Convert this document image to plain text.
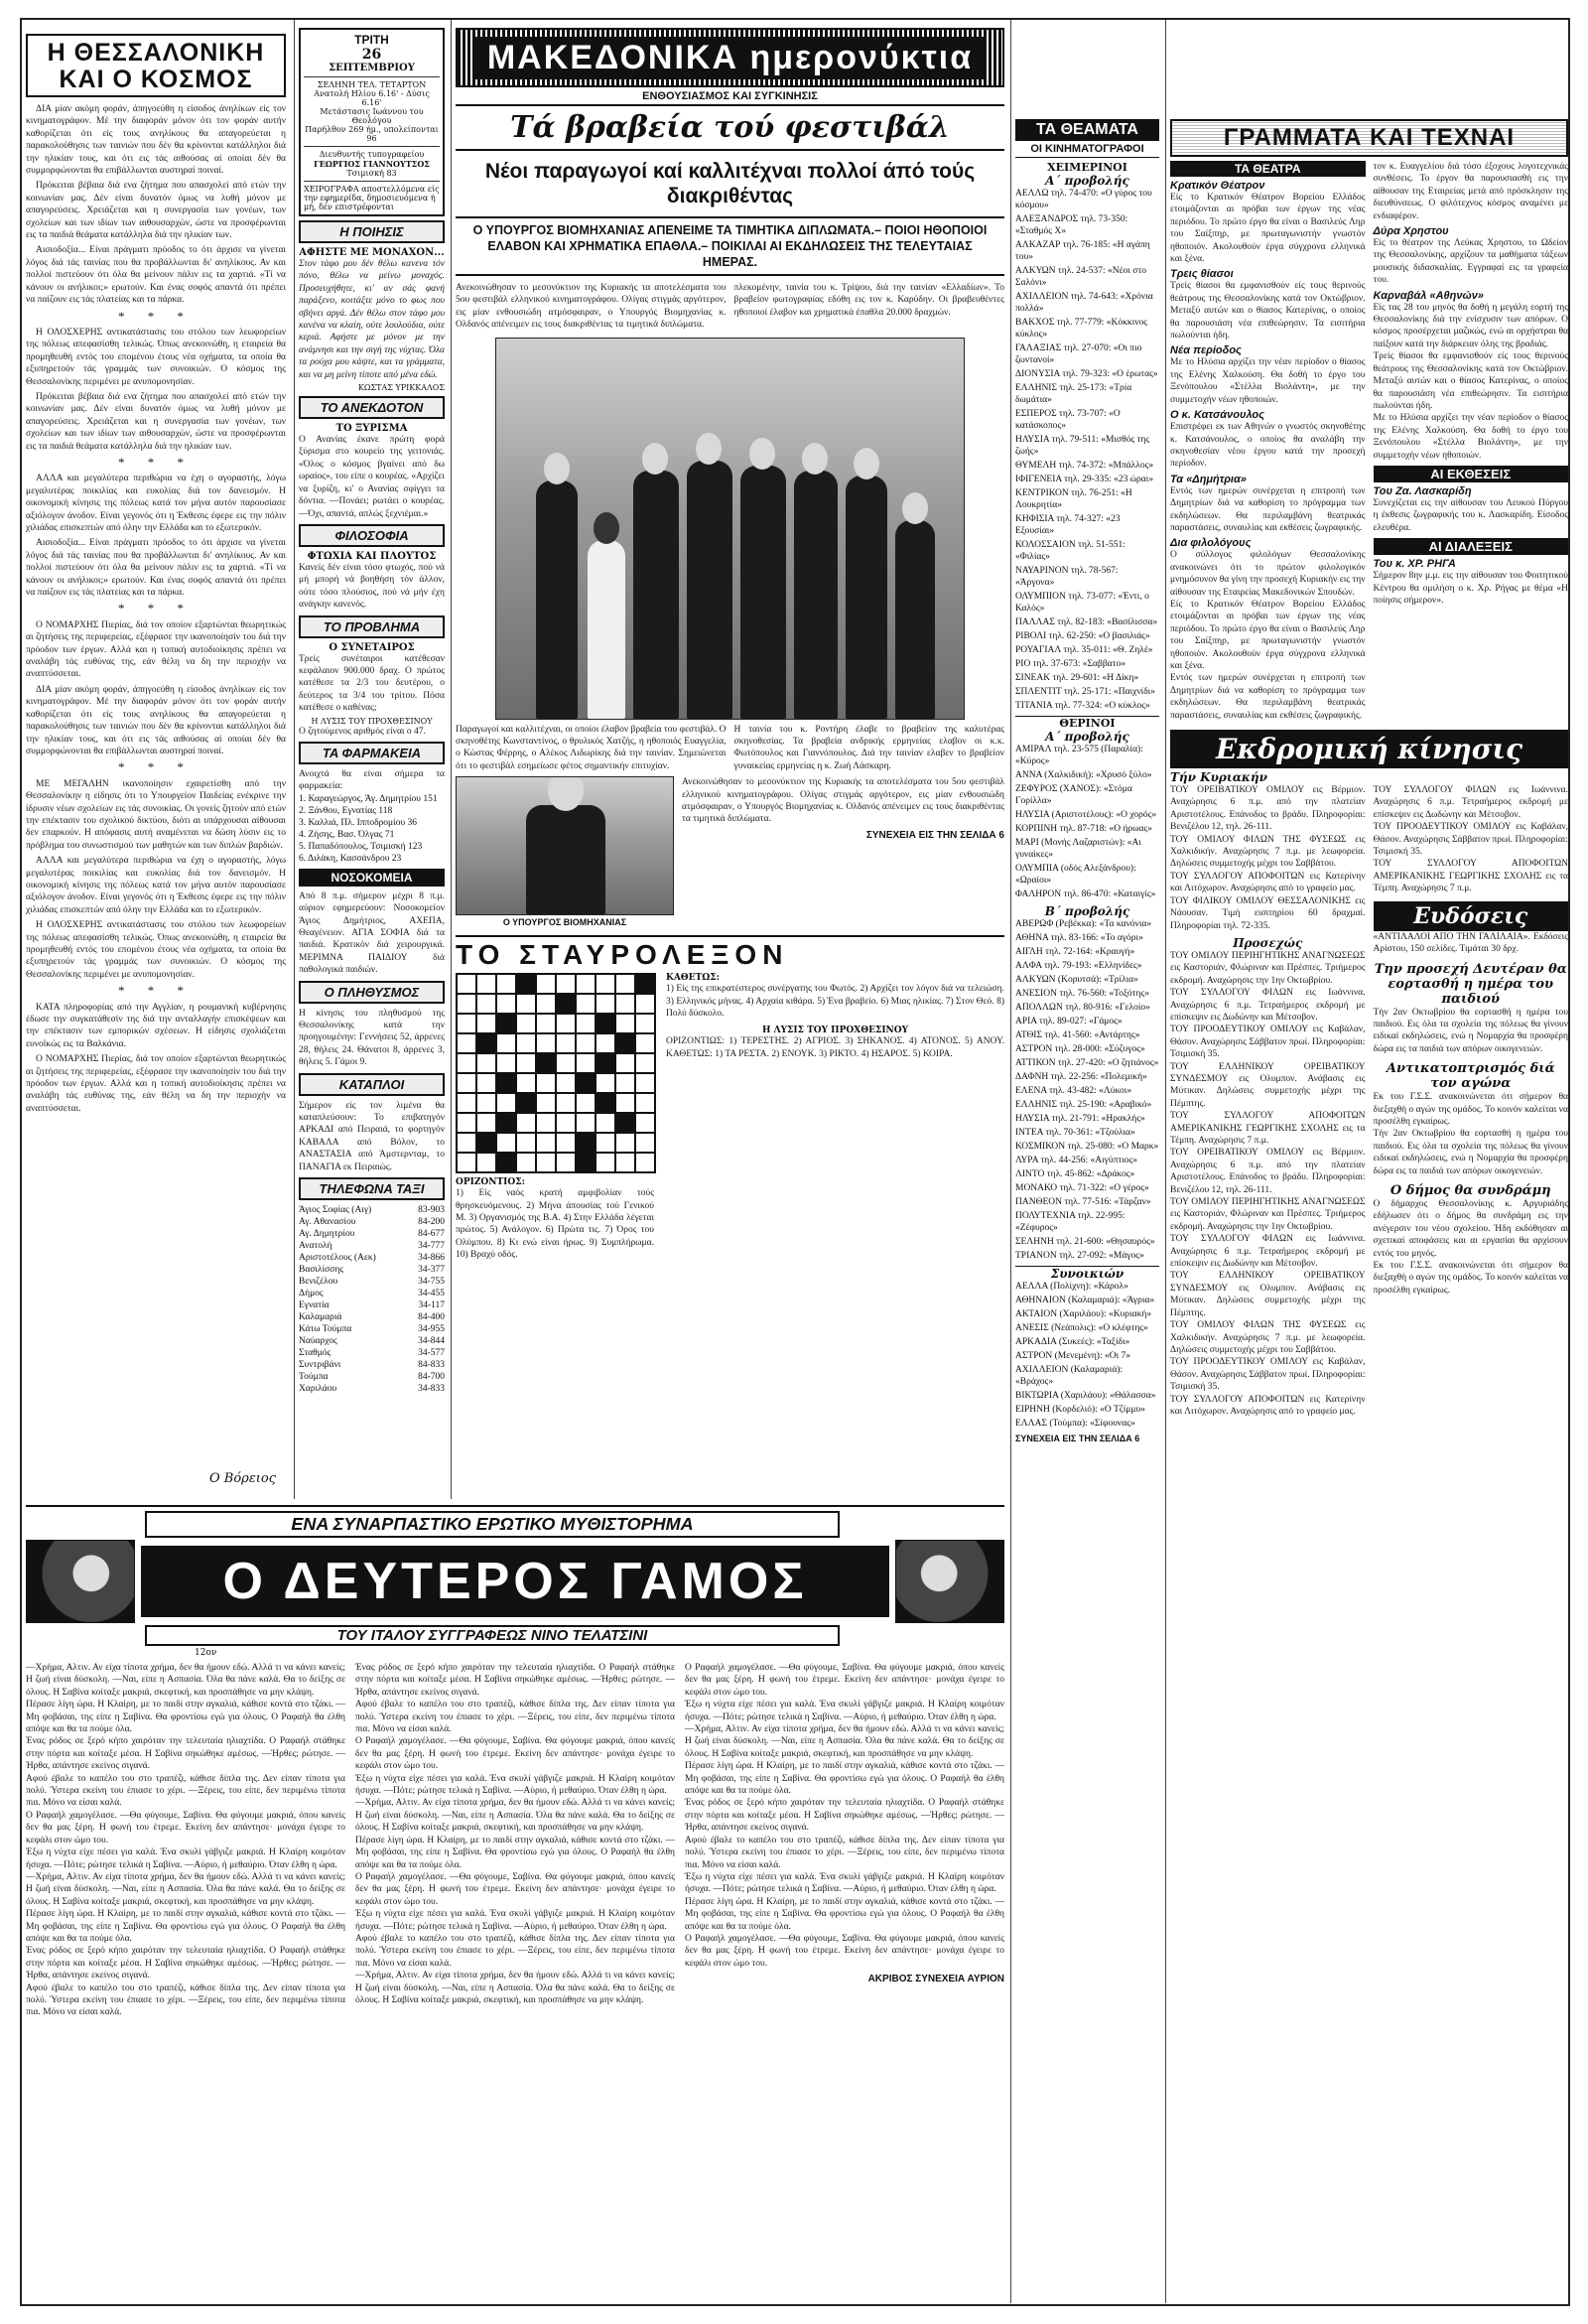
Η ΘΕΣΣΑΛΟΝΙΚΗ ΚΑΙ Ο ΚΟΣΜΟΣ

ΔΙΑ μίαν ακόμη φοράν, άπηγοεύθη η είσοδος άνηλίκων είς τον κινηματογράφον. Μέ την διαφοράν μόνον ότι τον φοράν αυτήν καθορίζεται ότι είς τους ανηλίκους θα απαγορεύεται η παρακολούθησις των ταινιών που δέν θα κρίνονται κατάλληλοι διά την ηλικίαν τους, και ότι εις τάς αιθούσας αί οποίαι δέν θα συμμορφώνονται θα επιβάλλωνται αυστηραί ποιναί.

Πρόκειται βέβαια διά ενα ζήτημα που απασχολεί από ετών την κοινωνίαν μας. Δέν είναι δυνατόν όμως να λυθή μόνον με απαγορεύσεις. Χρειάζεται και η συνεργασία των γονέων, των σχολείων και των ιδίων των αιθουσαρχών, ώστε να προσφέρωνται εις τα παιδιά θεάματα κατάλληλα διά την ηλικίαν των.

Αισιοδοξία... Είναι πράγματι πρόοδος το ότι άρχισε να γίνεται λόγος διά τάς ταινίας που θα προβάλλωνται δι' ανηλίκους. Αν και πολλοί πιστεύουν ότι όλα θα μείνουν πάλιν εις τα χαρτιά. «Τί να κάνουν οι ανήλικοι;» ερωτούν. Και ένας σοφός απαντά ότι πρέπει να παίζουν εις τάς πλατείας και τα πάρκα.

* * *

Η ΟΛΟΣΧΕΡΗΣ αντικατάστασις του στόλου των λεωφορείων της πόλεως απεφασίσθη τελικώς. Όπως ανεκοινώθη, η εταιρεία θα προμηθευθή εντός του επομένου έτους νέα οχήματα, τα οποία θα εξυπηρετούν τάς γραμμάς των συνοικιών. Ο κόσμος της Θεσσαλονίκης περιμένει με ανυπομονησίαν.

Πρόκειται βέβαια διά ενα ζήτημα που απασχολεί από ετών την κοινωνίαν μας. Δέν είναι δυνατόν όμως να λυθή μόνον με απαγορεύσεις. Χρειάζεται και η συνεργασία των γονέων, των σχολείων και των ιδίων των αιθουσαρχών, ώστε να προσφέρωνται εις τα παιδιά θεάματα κατάλληλα διά την ηλικίαν των.

* * *

ΑΛΛΑ και μεγαλύτερα περιθώρια να έχη ο αγοραστής, λόγω μεγαλυτέρας ποικιλίας και ευκολίας διά τον δανεισμόν. Η οικονομική κίνησις της πόλεως κατά τον μήνα αυτόν παρουσίασε αξιόλογον άνοδον. Είναι γεγονός ότι η Έκθεσις έφερε εις την πόλιν χιλιάδας επισκεπτών από όλην την Ελλάδα και το εξωτερικόν.

Αισιοδοξία... Είναι πράγματι πρόοδος το ότι άρχισε να γίνεται λόγος διά τάς ταινίας που θα προβάλλωνται δι' ανηλίκους. Αν και πολλοί πιστεύουν ότι όλα θα μείνουν πάλιν εις τα χαρτιά. «Τί να κάνουν οι ανήλικοι;» ερωτούν. Και ένας σοφός απαντά ότι πρέπει να παίζουν εις τάς πλατείας και τα πάρκα.

* * *

Ο ΝΟΜΑΡΧΗΣ Πιερίας, διά τον οποίον εξαρτώνται θεωρητικώς αι ζητήσεις της περιφερείας, εξέφρασε την ικανοποίησίν του διά την πρόοδον των έργων. Αλλά και η τοπική αυτοδιοίκησις πρέπει να αναλάβη τάς ευθύνας της, εάν θέλη να δη την περιοχήν να αναπτύσσεται.

ΔΙΑ μίαν ακόμη φοράν, άπηγοεύθη η είσοδος άνηλίκων είς τον κινηματογράφον. Μέ την διαφοράν μόνον ότι τον φοράν αυτήν καθορίζεται ότι είς τους ανηλίκους θα απαγορεύεται η παρακολούθησις των ταινιών που δέν θα κρίνονται κατάλληλοι διά την ηλικίαν τους, και ότι εις τάς αιθούσας αί οποίαι δέν θα συμμορφώνονται θα επιβάλλωνται αυστηραί ποιναί.

* * *

ΜΕ ΜΕΓΑΛΗΝ ικανοποίησιν εχαιρετίσθη από την Θεσσαλονίκην η είδησις ότι το Υπουργείον Παιδείας ενέκρινε την ίδρυσιν νέων σχολείων εις τάς συνοικίας. Οι γονείς ζητούν από ετών την επέκτασιν του σχολικού δικτύου, διότι αι υπάρχουσαι αίθουσαι δεν επαρκούν. Η απόφασις αυτή αναμένεται να δώση λύσιν εις το πρόβλημα του συνωστισμού των μαθητών και των διπλών βαρδιών.

ΑΛΛΑ και μεγαλύτερα περιθώρια να έχη ο αγοραστής, λόγω μεγαλυτέρας ποικιλίας και ευκολίας διά τον δανεισμόν. Η οικονομική κίνησις της πόλεως κατά τον μήνα αυτόν παρουσίασε αξιόλογον άνοδον. Είναι γεγονός ότι η Έκθεσις έφερε εις την πόλιν χιλιάδας επισκεπτών από όλην την Ελλάδα και το εξωτερικόν.

Η ΟΛΟΣΧΕΡΗΣ αντικατάστασις του στόλου των λεωφορείων της πόλεως απεφασίσθη τελικώς. Όπως ανεκοινώθη, η εταιρεία θα προμηθευθή εντός του επομένου έτους νέα οχήματα, τα οποία θα εξυπηρετούν τάς γραμμάς των συνοικιών. Ο κόσμος της Θεσσαλονίκης περιμένει με ανυπομονησίαν.

* * *

ΚΑΤΑ πληροφορίας από την Αγγλίαν, η ρουμανική κυβέρνησις έδωσε την συγκατάθεσίν της διά την ανταλλαγήν επισκέψεων και την επέκτασιν των εμπορικών σχέσεων. Η είδησις σχολιάζεται ευνοϊκώς εις τα Βαλκάνια.

Ο ΝΟΜΑΡΧΗΣ Πιερίας, διά τον οποίον εξαρτώνται θεωρητικώς αι ζητήσεις της περιφερείας, εξέφρασε την ικανοποίησίν του διά την πρόοδον των έργων. Αλλά και η τοπική αυτοδιοίκησις πρέπει να αναλάβη τάς ευθύνας της, εάν θέλη να δη την περιοχήν να αναπτύσσεται.

Ο Βόρειος
ΤΡΙΤΗ
26
ΣΕΠΤΕΜΒΡΙΟΥ
ΣΕΛΗΝΗ ΤΕΛ. ΤΕΤΑΡΤΟΝ
Ανατολή Ηλίου 6.16' - Δύσις 6.16'
Μετάστασις Ιωάννου του Θεολόγου
Παρήλθον 269 ήμ., υπολείπονται 96
Διευθυντής τυπογραφείου
ΓΕΩΡΓΙΟΣ ΓΙΑΝΝΟΥΤΣΟΣ
Τσιμισκή 83
ΧΕΙΡΟΓΡΑΦΑ αποστελλόμενα είς την εφημερίδα, δημοσιευόμενα ή μή, δέν επιστρέφονται
Η ΠΟΙΗΣΙΣ
ΑΦΗΣΤΕ ΜΕ ΜΟΝΑΧΟΝ...
Στον τάφο μου δέν θέλω κανενα τόν πόνο, θέλω να μείνω μοναχός. Προσευχήθητε, κι' αν σάς φανή παράξενο, κοιτάξτε μόνο το φως που σβήνει αργά. Δέν θέλω στον τάφο μου κανένα να κλαίη, ούτε λουλούδια, ούτε κεριά. Αφήστε με μόνον με την ανάμνησι και την σιγή της νύχτας. Όλα τα ρούχα μου κάψτε, και τα γράμματα, και να μη μείνη τίποτε από μένα εδώ.
ΚΩΣΤΑΣ ΥΡΙΚΚΑΛΟΣ
ΤΟ ΑΝΕΚΔΟΤΟΝ
ΤΟ ΞΥΡΙΣΜΑ
Ο Ανανίας έκανε πρώτη φορά ξύρισμα στο κουρείο της γειτονιάς. «Όλος ο κόσμος βγαίνει από δω ωραίος», του είπε ο κουρέας. «Αρχίζει να ξυρίζη, κι' ο Ανανίας σφίγγει τα δόντια. —Πονάει; ρωτάει ο κουρέας. —Όχι, απαντά, απλώς ξεχνιέμαι.»
ΦΙΛΟΣΟΦΙΑ
ΦΤΩΧΙΑ ΚΑΙ ΠΛΟΥΤΟΣ
Κανείς δέν είναι τόσο φτωχός, πού νά μή μπορή νά βοηθήση τόν άλλον, ούτε τόσο πλούσιος, πού νά μήν έχη ανάγκην κανενός.
ΤΟ ΠΡΟΒΛΗΜΑ
Ο ΣΥΝΕΤΑΙΡΟΣ
Τρείς συνέταιροι κατέθεσαν κεφάλαιον 900.000 δραχ. Ο πρώτος κατέθεσε τα 2/3 του δευτέρου, ο δεύτερος τα 3/4 του τρίτου. Πόσα κατέθεσε ο καθένας;
Η ΛΥΣΙΣ ΤΟΥ ΠΡΟΧΘΕΣΙΝΟΥ
Ο ζητούμενος αριθμός είναι ο 47.
ΤΑ ΦΑΡΜΑΚΕΙΑ
Ανοιχτά θα είναι σήμερα τα φαρμακεία:
1. Καραγεώργος, Άγ. Δημητρίου 151
2. Ξάνθου, Εγνατίας 118
3. Καλλιά, Πλ. Ιπποδρομίου 36
4. Ζήσης, Βασ. Όλγας 71
5. Παπαδόπουλος, Τσιμισκή 123
6. Διλάκη, Κασσάνδρου 23
ΝΟΣΟΚΟΜΕΙΑ
Από 8 π.μ. σήμερον μέχρι 8 π.μ. αύριον εφημερεύουν: Νοσοκομείον Άγιος Δημήτριος, ΑΧΕΠΑ, Θεαγένειον. ΑΓΙΑ ΣΟΦΙΑ διά τα παιδιά. Κρατικόν διά χειρουργικά. ΜΕΡΙΜΝΑ ΠΑΙΔΙΟΥ διά παθολογικά παιδιών.
Ο ΠΛΗΘΥΣΜΟΣ
Η κίνησις του πληθυσμού της Θεσσαλονίκης κατά την προηγουμένην: Γεννήσεις 52, άρρενες 28, θήλεις 24. Θάνατοι 8, άρρενες 3, θήλεις 5. Γάμοι 9.
ΚΑΤΑΠΛΟΙ
Σήμερον είς τον λιμένα θα καταπλεύσουν: Το επιβατηγόν ΑΡΚΑΔΙ από Πειραιά, το φορτηγόν ΚΑΒΑΛΑ από Βόλον, το ΑΝΑΣΤΑΣΙΑ από Άμστερνταμ, το ΠΑΝΑΓΙΑ εκ Πειραιώς.
ΤΗΛΕΦΩΝΑ ΤΑΞΙ
Άγιος Σοφίας (Αιγ)	83-903
Αγ. Αθανασίου	84-200
Αγ. Δημητρίου	84-677
Ανατολή	34-777
Αριστοτέλους (Αεκ)	34-866
Βασιλίσσης	34-377
Βενιζέλου	34-755
Δήμος	34-455
Εγνατία	34-117
Καλαμαριά	84-400
Κάτω Τούμπα	34-955
Ναύαρχος	34-844
Σταθμός	34-577
Συντριβάνι	84-833
Τούμπα	84-700
Χαριλάου	34-833
ΜΑΚΕΔΟΝΙΚΑ ημερονύκτια
ΕΝΘΟΥΣΙΑΣΜΟΣ ΚΑΙ ΣΥΓΚΙΝΗΣΙΣ
Τά βραβεία τού φεστιβάλ
Νέοι παραγωγοί καί καλλιτέχναι πολλοί άπό τούς διακριθέντας
Ο ΥΠΟΥΡΓΟΣ ΒΙΟΜΗΧΑΝΙΑΣ ΑΠΕΝΕΙΜΕ ΤΑ ΤΙΜΗΤΙΚΑ ΔΙΠΛΩΜΑΤΑ.– ΠΟΙΟΙ ΗΘΟΠΟΙΟΙ ΕΛΑΒΟΝ ΚΑΙ ΧΡΗΜΑΤΙΚΑ ΕΠΑΘΛΑ.– ΠΟΙΚΙΛΑΙ ΑΙ ΕΚΔΗΛΩΣΕΙΣ ΤΗΣ ΤΕΛΕΥΤΑΙΑΣ ΗΜΕΡΑΣ.
Ανεκοινώθησαν το μεσονύκτιον της Κυριακής τα αποτελέσματα του 5ου φεστιβάλ ελληνικού κινηματογράφου. Ολίγας στιγμάς αργότερον, εις μίαν ενθουσιώδη ατμόσφαιραν, ο Υπουργός Βιομηχανίας κ. Ολδανός απένειμεν εις τους διακριθέντας τα τιμητικά διπλώματα.
πλεκομένην, ταινία του κ. Τρίψου, διά την ταινίαν «Ελλαδίων». Το βραβείον φωτογραφίας εδόθη εις τον κ. Καρύδην. Οι βραβευθέντες ηθοποιοί έλαβον και χρηματικά έπαθλα 20.000 δραχμών.
Παραγωγοί και καλλιτέχναι, οι οποίοι έλαβον βραβεία του φεστιβάλ. Ο σκηνοθέτης Κωνσταντίνος, ο θρυλικός Χατζής, η ηθοποιός Ευαγγελία, ο Κώστας Φέρρης, ο Αλέκος Λιδωρίκης διά την ταινίαν. Σημειώνεται ότι το φεστιβάλ εσημείωσε φέτος σημαντικήν επιτυχίαν.
Η ταινία του κ. Ροντήρη έλαβε το βραβείον της καλυτέρας σκηνοθεσίας. Τα βραβεία ανδρικής ερμηνείας ελαβον οι κ.κ. Φωτόπουλος και Γιαννόπουλος. Διά την ταινίαν ελαβεν το βραβείον γυναικείας ερμηνείας η κ. Ζωή Λάσκαρη.
Ανεκοινώθησαν το μεσονύκτιον της Κυριακής τα αποτελέσματα του 5ου φεστιβάλ ελληνικού κινηματογράφου. Ολίγας στιγμάς αργότερον, εις μίαν ενθουσιώδη ατμόσφαιραν, ο Υπουργός Βιομηχανίας κ. Ολδανός απένειμεν εις τους διακριθέντας τα τιμητικά διπλώματα.
ΣΥΝΕΧΕΙΑ ΕΙΣ ΤΗΝ ΣΕΛΙΔΑ 6
Ο ΥΠΟΥΡΓΟΣ ΒΙΟΜΗΧΑΝΙΑΣ
ΤΟ ΣΤΑΥΡΟΛΕΞΟΝ
ΟΡΙΖΟΝΤΙΟΣ:
1) Είς ναός κρατή αμφιβολίαν τούς θρησκευόμενους. 2) Μήνα άπουσίας τού Γενικού Μ. 3) Οργανισμός της Β.Α. 4) Στην Ελλάδα λέγεται πρώτος. 5) Ανάλογον. 6) Πρώτα τις. 7) Όρος του Ολύμπου. 8) Κι ενώ είναι ήρως. 9) Συμπλήρωμα. 10) Βραχύ οδός.
ΚΑΘΕΤΩΣ:
1) Είς της επικρατέστερος συνέργατης του Φωτός. 2) Αρχίζει τον λόγον διά να τελειώση. 3) Ελληνικός μήνας. 4) Αρχαία κιθάρα. 5) Ένα βραβείο. 6) Μιας ηλικίας. 7) Στον Θεό. 8) Πολύ δύσκολο.
Η ΛΥΣΙΣ ΤΟΥ ΠΡΟΧΘΕΣΙΝΟΥ
ΟΡΙΖΟΝΤΙΩΣ: 1) ΤΕΡΕΣΤΗΣ. 2) ΑΓΡΙΟΣ. 3) ΣΗΚΑΝΟΣ. 4) ΑΤΟΝΟΣ. 5) ΑΝΟΥ. ΚΑΘΕΤΩΣ: 1) ΤΑ ΡΕΣΤΑ. 2) ΕΝΟΥΚ. 3) ΡΙΚΤΟ. 4) ΗΣΑΡΟΣ. 5) ΚΟΙΡΑ.
ΤΑ ΘΕΑΜΑΤΑ
ΟΙ ΚΙΝΗΜΑΤΟΓΡΑΦΟΙ
ΧΕΙΜΕΡΙΝΟΙ
Α΄ προβολής
ΑΕΛΛΩ τηλ. 74-470: «Ο γύρος του κόσμου»
ΑΛΕΞΑΝΔΡΟΣ τηλ. 73-350: «Σταθμός Χ»
ΑΛΚΑΖΑΡ τηλ. 76-185: «Η αγάπη του»
ΑΛΚΥΩΝ τηλ. 24-537: «Νέοι στο Σαλόνι»
ΑΧΙΛΛΕΙΟΝ τηλ. 74-643: «Χρόνια πολλά»
ΒΑΚΧΟΣ τηλ. 77-779: «Κόκκινος κύκλος»
ΓΑΛΑΞΙΑΣ τηλ. 27-070: «Οι πιο ζωντανοί»
ΔΙΟΝΥΣΙΑ τηλ. 79-323: «Ο έρωτας»
ΕΛΛΗΝΙΣ τηλ. 25-173: «Τρία δωμάτια»
ΕΣΠΕΡΟΣ τηλ. 73-707: «Ο κατάσκοπος»
ΗΛΥΣΙΑ τηλ. 79-511: «Μισθός της ζωής»
ΘΥΜΕΛΗ τηλ. 74-372: «Μπάλλος»
ΙΦΙΓΕΝΕΙΑ τηλ. 29-335: «23 ώραι»
ΚΕΝΤΡΙΚΟΝ τηλ. 76-251: «Η Λουκρητία»
ΚΗΦΙΣΙΑ τηλ. 74-327: «23 Εξουσίαι»
ΚΟΛΟΣΣΑΙΟΝ τηλ. 51-551: «Φιλίας»
ΝΑΥΑΡΙΝΟΝ τηλ. 78-567: «Άργονα»
ΟΛΥΜΠΙΟΝ τηλ. 73-077: «Έντι, ο Καλός»
ΠΑΛΛΑΣ τηλ. 82-183: «Βασίλισσα»
ΡΙΒΟΛΙ τηλ. 62-250: «Ο βασιλιάς»
ΡΟΥΑΓΙΑΛ τηλ. 35-011: «Θ. Ζηλέ»
ΡΙΟ τηλ. 37-673: «Σαββατο»
ΣΙΝΕΑΚ τηλ. 29-601: «Η Δίκη»
ΣΠΛΕΝΤΙΤ τηλ. 25-171: «Παιχνίδι»
ΤΙΤΑΝΙΑ τηλ. 77-324: «Ο κύκλος»
ΘΕΡΙΝΟΙ
Α΄ προβολής
ΑΜΙΡΑΛ τηλ. 23-575 (Παραλία): «Κύρος»
ΑΝΝΑ (Χαλκιδική): «Χρυσό ξύλο»
ΖΕΦΥΡΟΣ (ΧΑΝΟΣ): «Στόμα Γορίλλα»
ΗΛΥΣΙΑ (Αριστοτέλους): «Ο χορός»
ΚΟΡΠΙΝΗ τηλ. 87-718: «Ο ήρωας»
ΜΑΡΙ (Μονής Λαζαριστών): «Αι γυναίκες»
ΟΛΥΜΠΙΑ (οδός Αλεξάνδρου): «Ωραίοι»
ΦΑΛΗΡΟΝ τηλ. 86-470: «Καταιγίς»
Β΄ προβολής
ΑΒΕΡΩΦ (Ρεβέκκα): «Τα κανόνια»
ΑΘΗΝΑ τηλ. 83-166: «Το αγόρι»
ΑΙΓΛΗ τηλ. 72-164: «Κραυγή»
ΑΛΦΑ τηλ. 79-193: «Ελληνίδες»
ΑΛΚΥΩΝ (Κορυτσά): «Τρίλια»
ΑΝΕΣΙΟΝ τηλ. 76-560: «Τοξότης»
ΑΠΟΛΛΩΝ τηλ. 80-916: «Γελοίο»
ΑΡΙΑ τηλ. 89-027: «Γάμος»
ΑΤΘΙΣ τηλ. 41-560: «Αντάρτης»
ΑΣΤΡΟΝ τηλ. 28-000: «Σύζυγος»
ΑΤΤΙΚΟΝ τηλ. 27-420: «Ο ζητιάνος»
ΔΑΦΝΗ τηλ. 22-256: «Πολεμική»
ΕΛΕΝΑ τηλ. 43-482: «Λύκοι»
ΕΛΛΗΝΙΣ τηλ. 25-190: «Αραβικό»
ΗΛΥΣΙΑ τηλ. 21-791: «Ηρακλής»
ΙΝΤΕΑ τηλ. 70-361: «Τζούλια»
ΚΟΣΜΙΚΟΝ τηλ. 25-080: «Ο Μαρκ»
ΛΥΡΑ τηλ. 44-256: «Αιγύπτιος»
ΛΙΝΤΟ τηλ. 45-862: «Δράκος»
ΜΟΝΑΚΟ τηλ. 71-322: «Ο γέρος»
ΠΑΝΘΕΟΝ τηλ. 77-516: «Τάρζαν»
ΠΟΛΥΤΕΧΝΙΑ τηλ. 22-995: «Ζέφυρος»
ΣΕΛΗΝΗ τηλ. 21-600: «Θησαυρός»
ΤΡΙΑΝΟΝ τηλ. 27-092: «Μάγος»
Συνοικιών
ΑΕΛΛΑ (Πολίχνη): «Κάρολ»
ΑΘΗΝΑΙΟΝ (Καλαμαριά): «Άγρια»
ΑΚΤΑΙΟΝ (Χαριλάου): «Κυριακή»
ΑΝΕΣΙΣ (Νεάπολις): «Ο κλέφτης»
ΑΡΚΑΔΙΑ (Συκεές): «Ταξίδι»
ΑΣΤΡΟΝ (Μενεμένη): «Οι 7»
ΑΧΙΛΛΕΙΟΝ (Καλαμαριά): «Βράχος»
ΒΙΚΤΩΡΙΑ (Χαριλάου): «Θάλασσα»
ΕΙΡΗΝΗ (Κορδελιό): «Ο Τζίμμυ»
ΕΛΛΑΣ (Τούμπα): «Σίφουνας»
ΣΥΝΕΧΕΙΑ ΕΙΣ ΤΗΝ ΣΕΛΙΔΑ 6
ΓΡΑΜΜΑΤΑ ΚΑΙ ΤΕΧΝΑΙ
ΤΑ ΘΕΑΤΡΑ
Κρατικόν Θέατρον
Είς το Κρατικόν Θέατρον Βορείου Ελλάδος ετοιμάζονται αι πρόβαι των έργων της νέας περιόδου. Το πρώτο έργο θα είναι ο Βασιλεύς Ληρ του Σαίξπηρ, με πρωταγωνιστήν γνωστόν ηθοποιόν. Ακολουθούν έργα σύγχρονα ελληνικά και ξένα.
Τρεις θίασοι
Τρείς θίασοι θα εμφανισθούν είς τους θερινούς θεάτρους της Θεσσαλονίκης κατά τον Οκτώβριον. Μεταξύ αυτών και ο θίασος Κατερίνας, ο οποίος θα παρουσιάση νέα επιθεώρησιν. Τα εισιτήρια πωλούνται ήδη.
Νέα περίοδος
Με το Ηλύσια αρχίζει την νέαν περίοδον ο θίασος της Ελένης Χαλκούση. Θα δοθή το έργο του Ξενόπουλου «Στέλλα Βιολάντη», με την συμμετοχήν νέων ηθοποιών.
Ο κ. Κατσάνουλος
Επιστρέφει εκ των Αθηνών ο γνωστός σκηνοθέτης κ. Κατσάνουλος, ο οποίος θα αναλάβη την σκηνοθεσίαν νέου έργου κατά την προσεχή περίοδον.
Τα «Δημήτρια»
Εντός των ημερών συνέρχεται η επιτροπή των Δημητρίων διά να καθορίση το πρόγραμμα των εκδηλώσεων. Θα περιλαμβάνη θεατρικάς παραστάσεις, συναυλίας και εκθέσεις ζωγραφικής.
Δια φιλολόγους
Ο σύλλογος φιλολόγων Θεσσαλονίκης ανακοινώνει ότι το πρώτον φιλολογικόν μνημόσυνον θα γίνη την προσεχή Κυριακήν εις την αίθουσαν της Εταιρείας Μακεδονικών Σπουδών.
Είς το Κρατικόν Θέατρον Βορείου Ελλάδος ετοιμάζονται αι πρόβαι των έργων της νέας περιόδου. Το πρώτο έργο θα είναι ο Βασιλεύς Ληρ του Σαίξπηρ, με πρωταγωνιστήν γνωστόν ηθοποιόν. Ακολουθούν έργα σύγχρονα ελληνικά και ξένα.
Εντός των ημερών συνέρχεται η επιτροπή των Δημητρίων διά να καθορίση το πρόγραμμα των εκδηλώσεων. Θα περιλαμβάνη θεατρικάς παραστάσεις, συναυλίας και εκθέσεις ζωγραφικής.
τον κ. Ευαγγελίου διά τόσο έξοχους λογοτεχνικάς συνθέσεις. Το έργον θα παρουσιασθή εις την αίθουσαν της Εταιρείας μετά από πρόσκλησιν της διευθύνσεως. Ο φιλότεχνος κόσμος αναμένει με ενδιαφέρον.
Δύρα Χρηστου
Είς το θέατρον της Λεύκας Χρηστου, το Ωδείον της Θεσσαλονίκης, αρχίζουν τα μαθήματα τάξεων μουσικής διδασκαλίας. Εγγραφαί εις τα γραφεία του.
Καρναβάλ «Αθηνών»
Είς τας 28 του μηνός θα δοθή η μεγάλη εορτή της Θεσσαλονίκης διά την ενίσχυσιν των απόρων. Ο κόσμος προσέρχεται μαζικώς, ενώ αι ορχήστραι θα παίξουν κατά την διάρκειαν όλης της βραδιάς.
Τρείς θίασοι θα εμφανισθούν είς τους θερινούς θεάτρους της Θεσσαλονίκης κατά τον Οκτώβριον. Μεταξύ αυτών και ο θίασος Κατερίνας, ο οποίος θα παρουσιάση νέα επιθεώρησιν. Τα εισιτήρια πωλούνται ήδη.
Με το Ηλύσια αρχίζει την νέαν περίοδον ο θίασος της Ελένης Χαλκούση. Θα δοθή το έργο του Ξενόπουλου «Στέλλα Βιολάντη», με την συμμετοχήν νέων ηθοποιών.
ΑΙ ΕΚΘΕΣΕΙΣ
Του Ζα. Λασκαρίδη
Συνεχίζεται εις την αίθουσαν του Λευκού Πύργου η έκθεσις ζωγραφικής του κ. Λασκαρίδη. Είσοδος ελευθέρα.
ΑΙ ΔΙΑΛΕΞΕΙΣ
Του κ. ΧΡ. ΡΗΓΑ
Σήμερον 8ην μ.μ. εις την αίθουσαν του Φοιτητικού Κέντρου θα ομιλήση ο κ. Χρ. Ρήγας με θέμα «Η ποίησις σήμερον».
Εκδρομική κίνησις
Τήν Κυριακήν
ΤΟΥ ΟΡΕΙΒΑΤΙΚΟΥ ΟΜΙΛΟΥ εις Βέρμιον. Αναχώρησις 6 π.μ. από την πλατείαν Αριστοτέλους. Επάνοδος το βράδυ. Πληροφορίαι: Βενιζέλου 12, τηλ. 26-111.
ΤΟΥ ΟΜΙΛΟΥ ΦΙΛΩΝ ΤΗΣ ΦΥΣΕΩΣ εις Χαλκιδικήν. Αναχώρησις 7 π.μ. με λεωφορεία. Δηλώσεις συμμετοχής μέχρι του Σαββάτου.
ΤΟΥ ΣΥΛΛΟΓΟΥ ΑΠΟΦΟΙΤΩΝ εις Κατερίνην και Λιτόχωρον. Αναχώρησις από το γραφείο μας.
ΤΟΥ ΦΙΛΙΚΟΥ ΟΜΙΛΟΥ ΘΕΣΣΑΛΟΝΙΚΗΣ εις Νάουσαν. Τιμή εισιτηρίου 60 δραχμαί. Πληροφορίαι τηλ. 72-335.
Προσεχώς
ΤΟΥ ΟΜΙΛΟΥ ΠΕΡΙΗΓΗΤΙΚΗΣ ΑΝΑΓΝΩΣΕΩΣ εις Καστοριάν, Φλώριναν και Πρέσπες. Τριήμερος εκδρομή. Αναχώρησις την 1ην Οκτωβρίου.
ΤΟΥ ΣΥΛΛΟΓΟΥ ΦΙΛΩΝ εις Ιωάννινα. Αναχώρησις 6 π.μ. Τετραήμερος εκδρομή με επίσκεψιν εις Δωδώνην και Μέτσοβον.
ΤΟΥ ΠΡΟΟΔΕΥΤΙΚΟΥ ΟΜΙΛΟΥ εις Καβάλαν, Θάσον. Αναχώρησις Σάββατον πρωί. Πληροφορίαι: Τσιμισκή 35.
ΤΟΥ ΕΛΛΗΝΙΚΟΥ ΟΡΕΙΒΑΤΙΚΟΥ ΣΥΝΔΕΣΜΟΥ εις Ολυμπον. Ανάβασις εις Μύτικαν. Δηλώσεις συμμετοχής μέχρι της Πέμπτης.
ΤΟΥ ΣΥΛΛΟΓΟΥ ΑΠΟΦΟΙΤΩΝ ΑΜΕΡΙΚΑΝΙΚΗΣ ΓΕΩΡΓΙΚΗΣ ΣΧΟΛΗΣ εις τα Τέμπη. Αναχώρησις 7 π.μ.
ΤΟΥ ΟΡΕΙΒΑΤΙΚΟΥ ΟΜΙΛΟΥ εις Βέρμιον. Αναχώρησις 6 π.μ. από την πλατείαν Αριστοτέλους. Επάνοδος το βράδυ. Πληροφορίαι: Βενιζέλου 12, τηλ. 26-111.
ΤΟΥ ΟΜΙΛΟΥ ΠΕΡΙΗΓΗΤΙΚΗΣ ΑΝΑΓΝΩΣΕΩΣ εις Καστοριάν, Φλώριναν και Πρέσπες. Τριήμερος εκδρομή. Αναχώρησις την 1ην Οκτωβρίου.
ΤΟΥ ΣΥΛΛΟΓΟΥ ΦΙΛΩΝ εις Ιωάννινα. Αναχώρησις 6 π.μ. Τετραήμερος εκδρομή με επίσκεψιν εις Δωδώνην και Μέτσοβον.
ΤΟΥ ΕΛΛΗΝΙΚΟΥ ΟΡΕΙΒΑΤΙΚΟΥ ΣΥΝΔΕΣΜΟΥ εις Ολυμπον. Ανάβασις εις Μύτικαν. Δηλώσεις συμμετοχής μέχρι της Πέμπτης.
ΤΟΥ ΟΜΙΛΟΥ ΦΙΛΩΝ ΤΗΣ ΦΥΣΕΩΣ εις Χαλκιδικήν. Αναχώρησις 7 π.μ. με λεωφορεία. Δηλώσεις συμμετοχής μέχρι του Σαββάτου.
ΤΟΥ ΠΡΟΟΔΕΥΤΙΚΟΥ ΟΜΙΛΟΥ εις Καβάλαν, Θάσον. Αναχώρησις Σάββατον πρωί. Πληροφορίαι: Τσιμισκή 35.
ΤΟΥ ΣΥΛΛΟΓΟΥ ΑΠΟΦΟΙΤΩΝ εις Κατερίνην και Λιτόχωρον. Αναχώρησις από το γραφείο μας.
ΤΟΥ ΣΥΛΛΟΓΟΥ ΦΙΛΩΝ εις Ιωάννινα. Αναχώρησις 6 π.μ. Τετραήμερος εκδρομή με επίσκεψιν εις Δωδώνην και Μέτσοβον.
ΤΟΥ ΠΡΟΟΔΕΥΤΙΚΟΥ ΟΜΙΛΟΥ εις Καβάλαν, Θάσον. Αναχώρησις Σάββατον πρωί. Πληροφορίαι: Τσιμισκή 35.
ΤΟΥ ΣΥΛΛΟΓΟΥ ΑΠΟΦΟΙΤΩΝ ΑΜΕΡΙΚΑΝΙΚΗΣ ΓΕΩΡΓΙΚΗΣ ΣΧΟΛΗΣ εις τα Τέμπη. Αναχώρησις 7 π.μ.
Ευδόσεις
«ΑΝΤΙΛΑΛΟΙ ΑΠΟ ΤΗΝ ΓΑΛΙΛΑΙΑ». Εκδόσεις Αρίστου, 150 σελίδες. Τιμάται 30 δρχ.
Την προσεχή Δευτέραν θα εορτασθή η ημέρα του παιδιού
Τήν 2αν Οκτωβρίου θα εορτασθή η ημέρα του παιδιού. Εις όλα τα σχολεία της πόλεως θα γίνουν ειδικαί εκδηλώσεις, ενώ η Νομαρχία θα προσφέρη δώρα εις τα παιδιά των απόρων οικογενειών.
Αντικατοπτρισμός διά τον αγώνα
Εκ του Γ.Σ.Σ. ανακοινώνεται ότι σήμερον θα διεξαχθή ο αγών της ομάδος. Το κοινόν καλείται να προσέλθη εγκαίρως.
Τήν 2αν Οκτωβρίου θα εορτασθή η ημέρα του παιδιού. Εις όλα τα σχολεία της πόλεως θα γίνουν ειδικαί εκδηλώσεις, ενώ η Νομαρχία θα προσφέρη δώρα εις τα παιδιά των απόρων οικογενειών.
Ο δήμος θα συνδράμη
Ο δήμαρχος Θεσσαλονίκης κ. Αργυριάδης εδήλωσεν ότι ο δήμος θα συνδράμη εις την ανέγερσιν του νέου σχολείου. Ήδη εκδόθησαν αι σχετικαί αποφάσεις και αι εργασίαι θα αρχίσουν εντός του μηνός.
Εκ του Γ.Σ.Σ. ανακοινώνεται ότι σήμερον θα διεξαχθή ο αγών της ομάδος. Το κοινόν καλείται να προσέλθη εγκαίρως.
ΕΝΑ ΣΥΝΑΡΠΑΣΤΙΚΟ ΕΡΩΤΙΚΟ ΜΥΘΙΣΤΟΡΗΜΑ
Ο ΔΕΥΤΕΡΟΣ ΓΑΜΟΣ
ΤΟΥ ΙΤΑΛΟΥ ΣΥΓΓΡΑΦΕΩΣ ΝΙΝΟ ΤΕΛΑΤΣΙΝΙ
12ον
—Χρήμα, Αλτιν. Αν είχα τίποτα χρήμα, δεν θα ήμουν εδώ. Αλλά τι να κάνει κανείς; Η ζωή είναι δύσκολη. —Ναι, είπε η Ασπασία. Όλα θα πάνε καλά. Θα το δείξης σε όλους. Η Σαβίνα κοίταξε μακριά, σκεφτική, και προσπάθησε να μην κλάψη.
Πέρασε λίγη ώρα. Η Κλαίρη, με το παιδί στην αγκαλιά, κάθισε κοντά στο τζάκι. —Μη φοβάσαι, της είπε η Σαβίνα. Θα φροντίσω εγώ για όλους. Ο Ραφαήλ θα έλθη απόψε και θα τα πούμε όλα.
Ένας ρόδος σε ξερό κήπο χαιρόταν την τελευταία ηλιαχτίδα. Ο Ραφαήλ στάθηκε στην πόρτα και κοίταξε μέσα. Η Σαβίνα σηκώθηκε αμέσως. —Ήρθες; ρώτησε. —Ήρθα, απάντησε εκείνος σιγανά.
Αφού έβαλε το καπέλο του στο τραπέζι, κάθισε δίπλα της. Δεν είπαν τίποτα για πολύ. Ύστερα εκείνη του έπιασε το χέρι. —Ξέρεις, του είπε, δεν περιμένω τίποτα πια. Μόνο να είσαι καλά.
Ο Ραφαήλ χαμογέλασε. —Θα φύγουμε, Σαβίνα. Θα φύγουμε μακριά, όπου κανείς δεν θα μας ξέρη. Η φωνή του έτρεμε. Εκείνη δεν απάντησε· μονάχα έγειρε το κεφάλι στον ώμο του.
Έξω η νύχτα είχε πέσει για καλά. Ένα σκυλί γάβγιζε μακριά. Η Κλαίρη κοιμόταν ήσυχα. —Πότε; ρώτησε τελικά η Σαβίνα. —Αύριο, ή μεθαύριο. Όταν έλθη η ώρα.
—Χρήμα, Αλτιν. Αν είχα τίποτα χρήμα, δεν θα ήμουν εδώ. Αλλά τι να κάνει κανείς; Η ζωή είναι δύσκολη. —Ναι, είπε η Ασπασία. Όλα θα πάνε καλά. Θα το δείξης σε όλους. Η Σαβίνα κοίταξε μακριά, σκεφτική, και προσπάθησε να μην κλάψη.
Πέρασε λίγη ώρα. Η Κλαίρη, με το παιδί στην αγκαλιά, κάθισε κοντά στο τζάκι. —Μη φοβάσαι, της είπε η Σαβίνα. Θα φροντίσω εγώ για όλους. Ο Ραφαήλ θα έλθη απόψε και θα τα πούμε όλα.
Ένας ρόδος σε ξερό κήπο χαιρόταν την τελευταία ηλιαχτίδα. Ο Ραφαήλ στάθηκε στην πόρτα και κοίταξε μέσα. Η Σαβίνα σηκώθηκε αμέσως. —Ήρθες; ρώτησε. —Ήρθα, απάντησε εκείνος σιγανά.
Αφού έβαλε το καπέλο του στο τραπέζι, κάθισε δίπλα της. Δεν είπαν τίποτα για πολύ. Ύστερα εκείνη του έπιασε το χέρι. —Ξέρεις, του είπε, δεν περιμένω τίποτα πια. Μόνο να είσαι καλά.
Ένας ρόδος σε ξερό κήπο χαιρόταν την τελευταία ηλιαχτίδα. Ο Ραφαήλ στάθηκε στην πόρτα και κοίταξε μέσα. Η Σαβίνα σηκώθηκε αμέσως. —Ήρθες; ρώτησε. —Ήρθα, απάντησε εκείνος σιγανά.
Αφού έβαλε το καπέλο του στο τραπέζι, κάθισε δίπλα της. Δεν είπαν τίποτα για πολύ. Ύστερα εκείνη του έπιασε το χέρι. —Ξέρεις, του είπε, δεν περιμένω τίποτα πια. Μόνο να είσαι καλά.
Ο Ραφαήλ χαμογέλασε. —Θα φύγουμε, Σαβίνα. Θα φύγουμε μακριά, όπου κανείς δεν θα μας ξέρη. Η φωνή του έτρεμε. Εκείνη δεν απάντησε· μονάχα έγειρε το κεφάλι στον ώμο του.
Έξω η νύχτα είχε πέσει για καλά. Ένα σκυλί γάβγιζε μακριά. Η Κλαίρη κοιμόταν ήσυχα. —Πότε; ρώτησε τελικά η Σαβίνα. —Αύριο, ή μεθαύριο. Όταν έλθη η ώρα.
—Χρήμα, Αλτιν. Αν είχα τίποτα χρήμα, δεν θα ήμουν εδώ. Αλλά τι να κάνει κανείς; Η ζωή είναι δύσκολη. —Ναι, είπε η Ασπασία. Όλα θα πάνε καλά. Θα το δείξης σε όλους. Η Σαβίνα κοίταξε μακριά, σκεφτική, και προσπάθησε να μην κλάψη.
Πέρασε λίγη ώρα. Η Κλαίρη, με το παιδί στην αγκαλιά, κάθισε κοντά στο τζάκι. —Μη φοβάσαι, της είπε η Σαβίνα. Θα φροντίσω εγώ για όλους. Ο Ραφαήλ θα έλθη απόψε και θα τα πούμε όλα.
Ο Ραφαήλ χαμογέλασε. —Θα φύγουμε, Σαβίνα. Θα φύγουμε μακριά, όπου κανείς δεν θα μας ξέρη. Η φωνή του έτρεμε. Εκείνη δεν απάντησε· μονάχα έγειρε το κεφάλι στον ώμο του.
Έξω η νύχτα είχε πέσει για καλά. Ένα σκυλί γάβγιζε μακριά. Η Κλαίρη κοιμόταν ήσυχα. —Πότε; ρώτησε τελικά η Σαβίνα. —Αύριο, ή μεθαύριο. Όταν έλθη η ώρα.
Αφού έβαλε το καπέλο του στο τραπέζι, κάθισε δίπλα της. Δεν είπαν τίποτα για πολύ. Ύστερα εκείνη του έπιασε το χέρι. —Ξέρεις, του είπε, δεν περιμένω τίποτα πια. Μόνο να είσαι καλά.
—Χρήμα, Αλτιν. Αν είχα τίποτα χρήμα, δεν θα ήμουν εδώ. Αλλά τι να κάνει κανείς; Η ζωή είναι δύσκολη. —Ναι, είπε η Ασπασία. Όλα θα πάνε καλά. Θα το δείξης σε όλους. Η Σαβίνα κοίταξε μακριά, σκεφτική, και προσπάθησε να μην κλάψη.
Ο Ραφαήλ χαμογέλασε. —Θα φύγουμε, Σαβίνα. Θα φύγουμε μακριά, όπου κανείς δεν θα μας ξέρη. Η φωνή του έτρεμε. Εκείνη δεν απάντησε· μονάχα έγειρε το κεφάλι στον ώμο του.
Έξω η νύχτα είχε πέσει για καλά. Ένα σκυλί γάβγιζε μακριά. Η Κλαίρη κοιμόταν ήσυχα. —Πότε; ρώτησε τελικά η Σαβίνα. —Αύριο, ή μεθαύριο. Όταν έλθη η ώρα.
—Χρήμα, Αλτιν. Αν είχα τίποτα χρήμα, δεν θα ήμουν εδώ. Αλλά τι να κάνει κανείς; Η ζωή είναι δύσκολη. —Ναι, είπε η Ασπασία. Όλα θα πάνε καλά. Θα το δείξης σε όλους. Η Σαβίνα κοίταξε μακριά, σκεφτική, και προσπάθησε να μην κλάψη.
Πέρασε λίγη ώρα. Η Κλαίρη, με το παιδί στην αγκαλιά, κάθισε κοντά στο τζάκι. —Μη φοβάσαι, της είπε η Σαβίνα. Θα φροντίσω εγώ για όλους. Ο Ραφαήλ θα έλθη απόψε και θα τα πούμε όλα.
Ένας ρόδος σε ξερό κήπο χαιρόταν την τελευταία ηλιαχτίδα. Ο Ραφαήλ στάθηκε στην πόρτα και κοίταξε μέσα. Η Σαβίνα σηκώθηκε αμέσως. —Ήρθες; ρώτησε. —Ήρθα, απάντησε εκείνος σιγανά.
Αφού έβαλε το καπέλο του στο τραπέζι, κάθισε δίπλα της. Δεν είπαν τίποτα για πολύ. Ύστερα εκείνη του έπιασε το χέρι. —Ξέρεις, του είπε, δεν περιμένω τίποτα πια. Μόνο να είσαι καλά.
Έξω η νύχτα είχε πέσει για καλά. Ένα σκυλί γάβγιζε μακριά. Η Κλαίρη κοιμόταν ήσυχα. —Πότε; ρώτησε τελικά η Σαβίνα. —Αύριο, ή μεθαύριο. Όταν έλθη η ώρα.
Πέρασε λίγη ώρα. Η Κλαίρη, με το παιδί στην αγκαλιά, κάθισε κοντά στο τζάκι. —Μη φοβάσαι, της είπε η Σαβίνα. Θα φροντίσω εγώ για όλους. Ο Ραφαήλ θα έλθη απόψε και θα τα πούμε όλα.
Ο Ραφαήλ χαμογέλασε. —Θα φύγουμε, Σαβίνα. Θα φύγουμε μακριά, όπου κανείς δεν θα μας ξέρη. Η φωνή του έτρεμε. Εκείνη δεν απάντησε· μονάχα έγειρε το κεφάλι στον ώμο του.
ΑΚΡΙΒΟΣ ΣΥΝΕΧΕΙΑ ΑΥΡΙΟΝ
